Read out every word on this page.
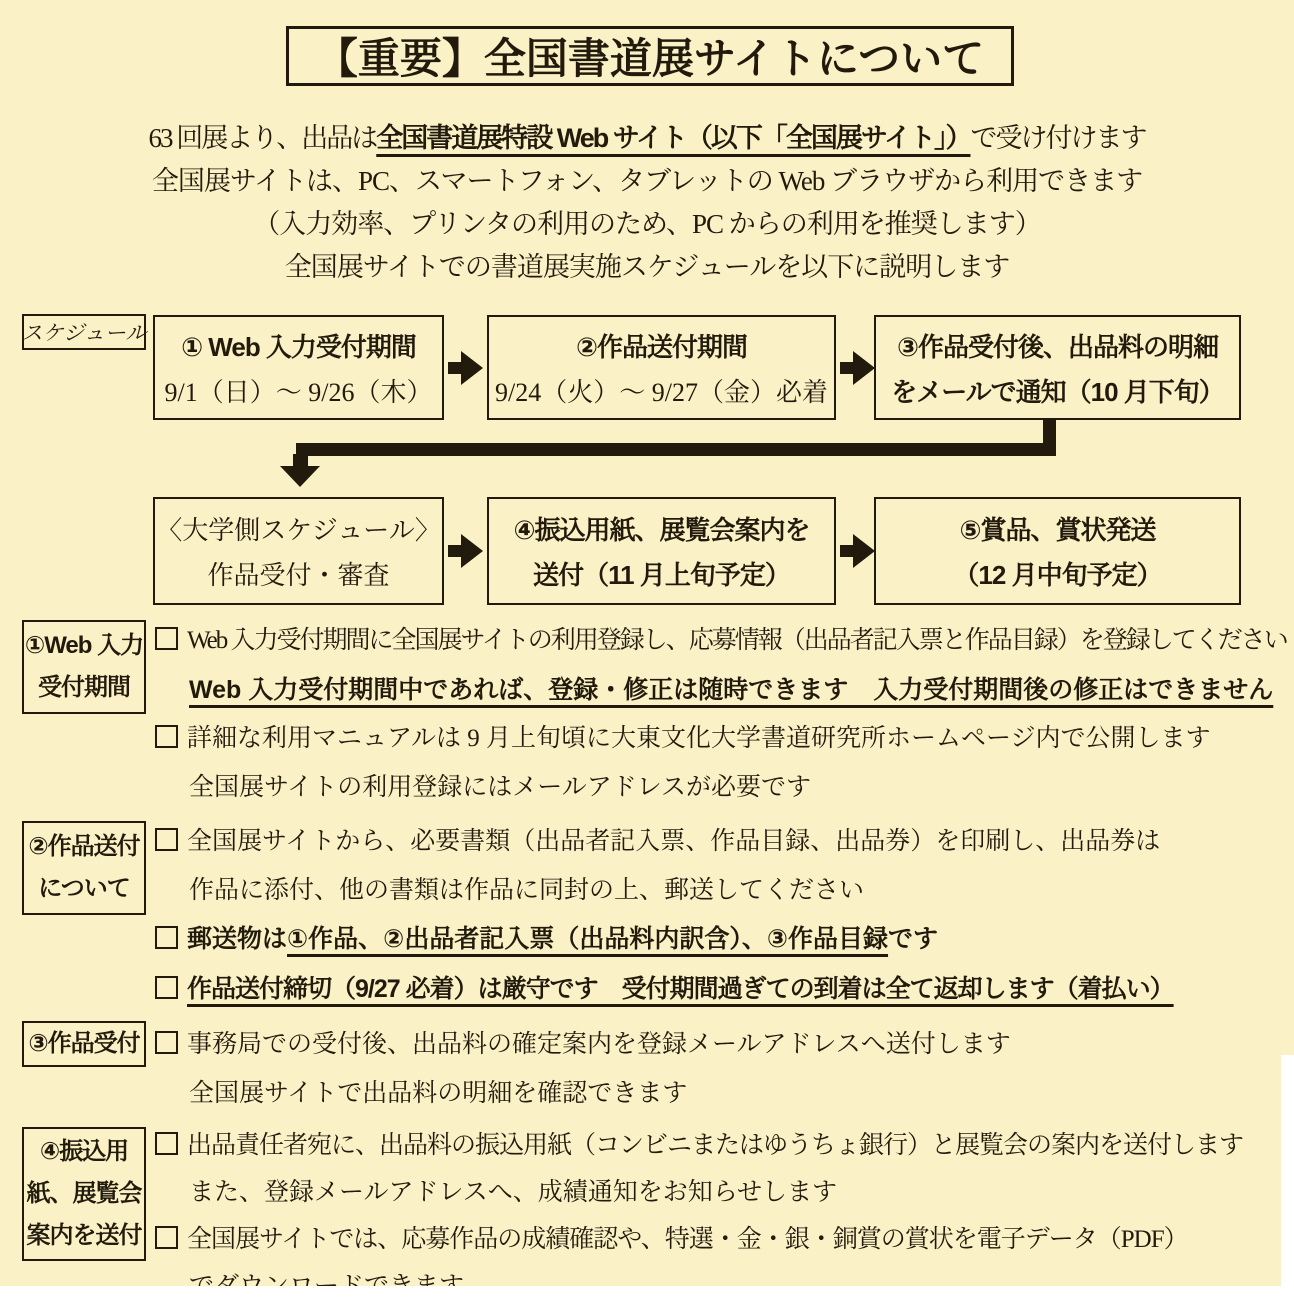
【重要】全国書道展サイトについて
63 回展より、出品は全国書道展特設 Web サイト（以下「全国展サイト」）で受け付けます
全国展サイトは、PC、スマートフォン、タブレットの Web ブラウザから利用できます
（入力効率、プリンタの利用のため、PC からの利用を推奨します）
全国展サイトでの書道展実施スケジュールを以下に説明します
スケジュール ① Web 入力受付期間
9/1（日）～ 9/26（木）
②作品送付期間
9/24（火）～ 9/27（金）必着
③作品受付後、出品料の明細
をメールで通知（10 月下旬）
〈大学側スケジュール〉
作品受付・審査
④振込用紙、展覧会案内を
送付（11 月上旬予定）
⑤賞品、賞状発送
（12 月中旬予定）
①Web 入力
受付期間
Web 入力受付期間に全国展サイトの利用登録し、応募情報（出品者記入票と作品目録）を登録してください
Web 入力受付期間中であれば、登録・修正は随時できます　入力受付期間後の修正はできません
詳細な利用マニュアルは 9 月上旬頃に大東文化大学書道研究所ホームページ内で公開します
全国展サイトの利用登録にはメールアドレスが必要です
②作品送付
について
全国展サイトから、必要書類（出品者記入票、作品目録、出品券）を印刷し、出品券は
作品に添付、他の書類は作品に同封の上、郵送してください
郵送物は①作品、②出品者記入票（出品料内訳含）、③作品目録です
作品送付締切（9/27 必着）は厳守です　受付期間過ぎての到着は全て返却します（着払い）
③作品受付	事務局での受付後、出品料の確定案内を登録メールアドレスへ送付します
全国展サイトで出品料の明細を確認できます
④振込用
紙、展覧会
案内を送付
出品責任者宛に、出品料の振込用紙（コンビニまたはゆうちょ銀行）と展覧会の案内を送付します
また、登録メールアドレスへ、成績通知をお知らせします
全国展サイトでは、応募作品の成績確認や、特選・金・銀・銅賞の賞状を電子データ（PDF）
